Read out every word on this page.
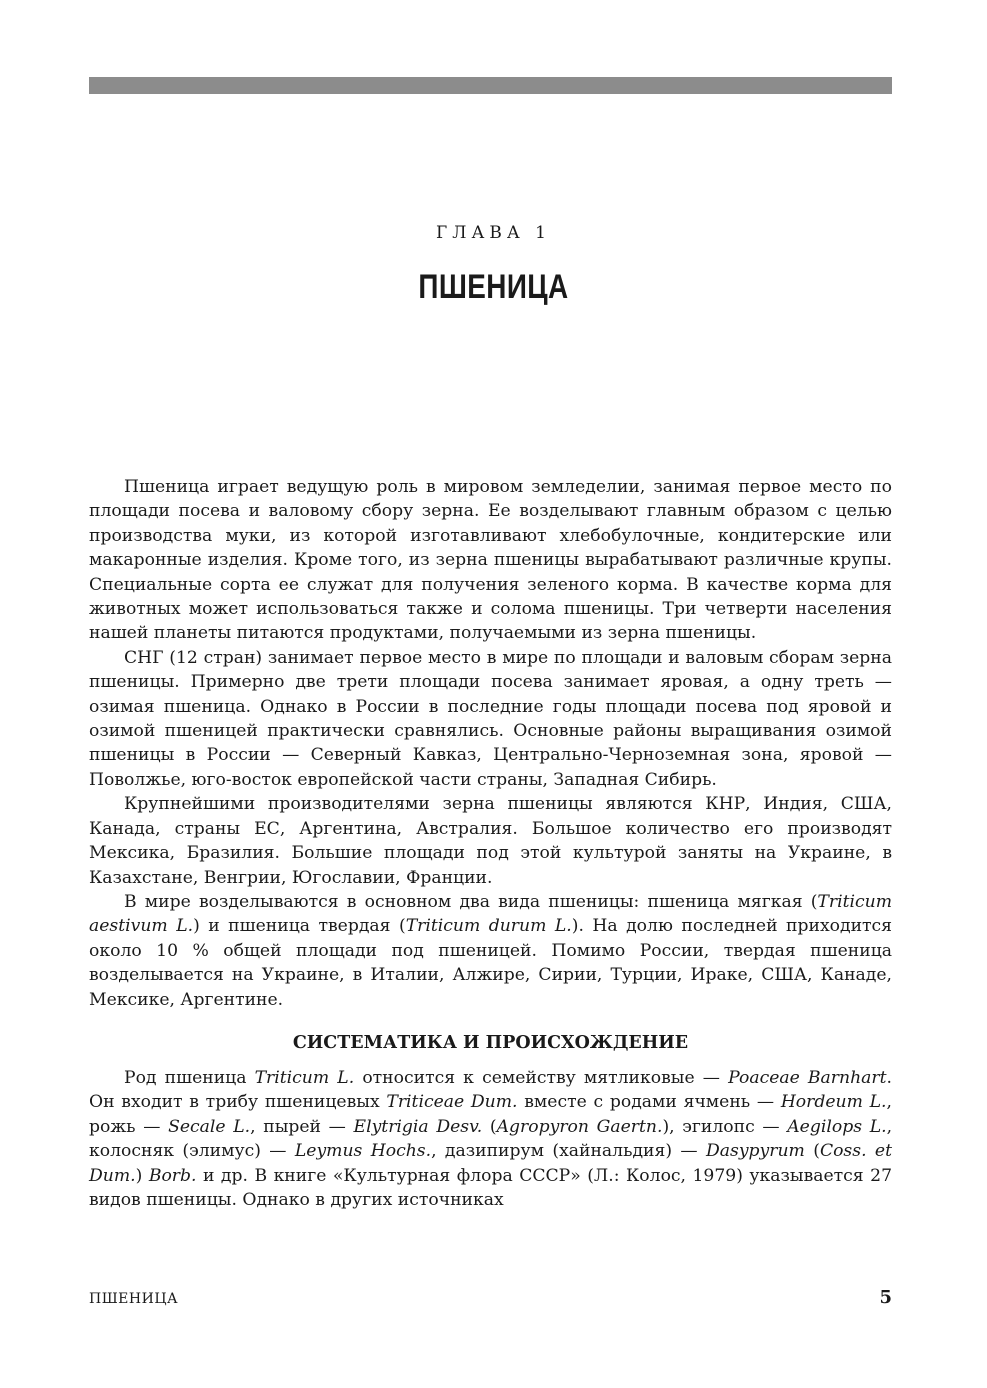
ГЛАВА 1
ПШЕНИЦА

Пшеница играет ведущую роль в мировом земледелии, занимая первое место по площади посева и валовому сбору зерна. Ее возделывают главным образом с целью производства муки, из которой изготавливают хлебобулочные, кондитерские или макаронные изделия. Кроме того, из зерна пшеницы вырабатывают различные крупы. Специальные сорта ее служат для получения зеленого корма. В качестве корма для животных может использоваться также и солома пшеницы. Три четверти населения нашей планеты питаются продуктами, получаемыми из зерна пшеницы.

СНГ (12 стран) занимает первое место в мире по площади и валовым сборам зерна пшеницы. Примерно две трети площади посева занимает яровая, а одну треть — озимая пшеница. Однако в России в последние годы площади посева под яровой и озимой пшеницей практически сравнялись. Основные районы выращивания озимой пшеницы в России — Северный Кавказ, Центрально-Черноземная зона, яровой — Поволжье, юго-восток европейской части страны, Западная Сибирь.

Крупнейшими производителями зерна пшеницы являются КНР, Индия, США, Канада, страны ЕС, Аргентина, Австралия. Большое количество его производят Мексика, Бразилия. Большие площади под этой культурой заняты на Украине, в Казахстане, Венгрии, Югославии, Франции.

В мире возделываются в основном два вида пшеницы: пшеница мягкая (Triticum aestivum L.) и пшеница твердая (Triticum durum L.). На долю последней приходится около 10 % общей площади под пшеницей. Помимо России, твердая пшеница возделывается на Украине, в Италии, Алжире, Сирии, Турции, Ираке, США, Канаде, Мексике, Аргентине.

СИСТЕМАТИКА И ПРОИСХОЖДЕНИЕ

Род пшеница Triticum L. относится к семейству мятликовые — Poaceae Barnhart. Он входит в трибу пшеницевых Triticeae Dum. вместе с родами ячмень — Hordeum L., рожь — Secale L., пырей — Elytrigia Desv. (Agropyron Gaertn.), эгилопс — Aegilops L., колосняк (элимус) — Leymus Hochs., дазипирум (хайнальдия) — Dasypyrum (Coss. et Dum.) Borb. и др. В книге «Культурная флора СССР» (Л.: Колос, 1979) указывается 27 видов пшеницы. Однако в других источниках

ПШЕНИЦА	5
